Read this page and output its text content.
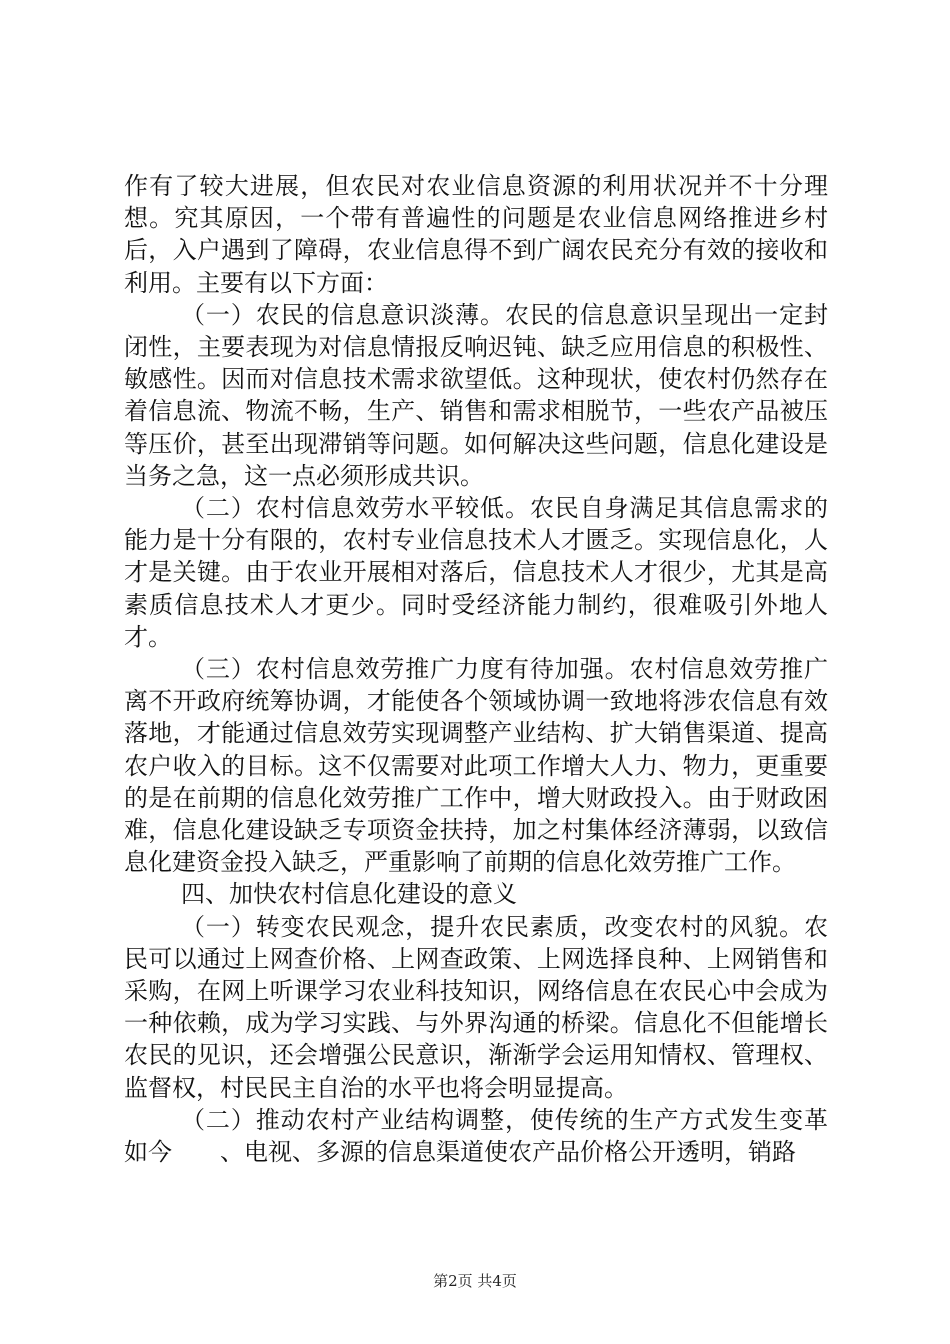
作有了较大进展，但农民对农业信息资源的利用状况并不十分理想。究其原因，一个带有普遍性的问题是农业信息网络推进乡村后，入户遇到了障碍，农业信息得不到广阔农民充分有效的接收和利用。主要有以下方面：

（一）农民的信息意识淡薄。农民的信息意识呈现出一定封闭性，主要表现为对信息情报反响迟钝、缺乏应用信息的积极性、敏感性。因而对信息技术需求欲望低。这种现状，使农村仍然存在着信息流、物流不畅，生产、销售和需求相脱节，一些农产品被压等压价，甚至出现滞销等问题。如何解决这些问题，信息化建设是当务之急，这一点必须形成共识。

（二）农村信息效劳水平较低。农民自身满足其信息需求的能力是十分有限的，农村专业信息技术人才匮乏。实现信息化，人才是关键。由于农业开展相对落后，信息技术人才很少，尤其是高素质信息技术人才更少。同时受经济能力制约，很难吸引外地人才。

（三）农村信息效劳推广力度有待加强。农村信息效劳推广离不开政府统筹协调，才能使各个领域协调一致地将涉农信息有效落地，才能通过信息效劳实现调整产业结构、扩大销售渠道、提高农户收入的目标。这不仅需要对此项工作增大人力、物力，更重要的是在前期的信息化效劳推广工作中，增大财政投入。由于财政困难，信息化建设缺乏专项资金扶持，加之村集体经济薄弱，以致信息化建资金投入缺乏，严重影响了前期的信息化效劳推广工作。

四、加快农村信息化建设的意义

（一）转变农民观念，提升农民素质，改变农村的风貌。农民可以通过上网查价格、上网查政策、上网选择良种、上网销售和采购，在网上听课学习农业科技知识，网络信息在农民心中会成为一种依赖，成为学习实践、与外界沟通的桥梁。信息化不但能增长农民的见识，还会增强公民意识，渐渐学会运用知情权、管理权、监督权，村民民主自治的水平也将会明显提高。

（二）推动农村产业结构调整，使传统的生产方式发生变革如今　　、电视、多源的信息渠道使农产品价格公开透明，销路

第2页 共4页
